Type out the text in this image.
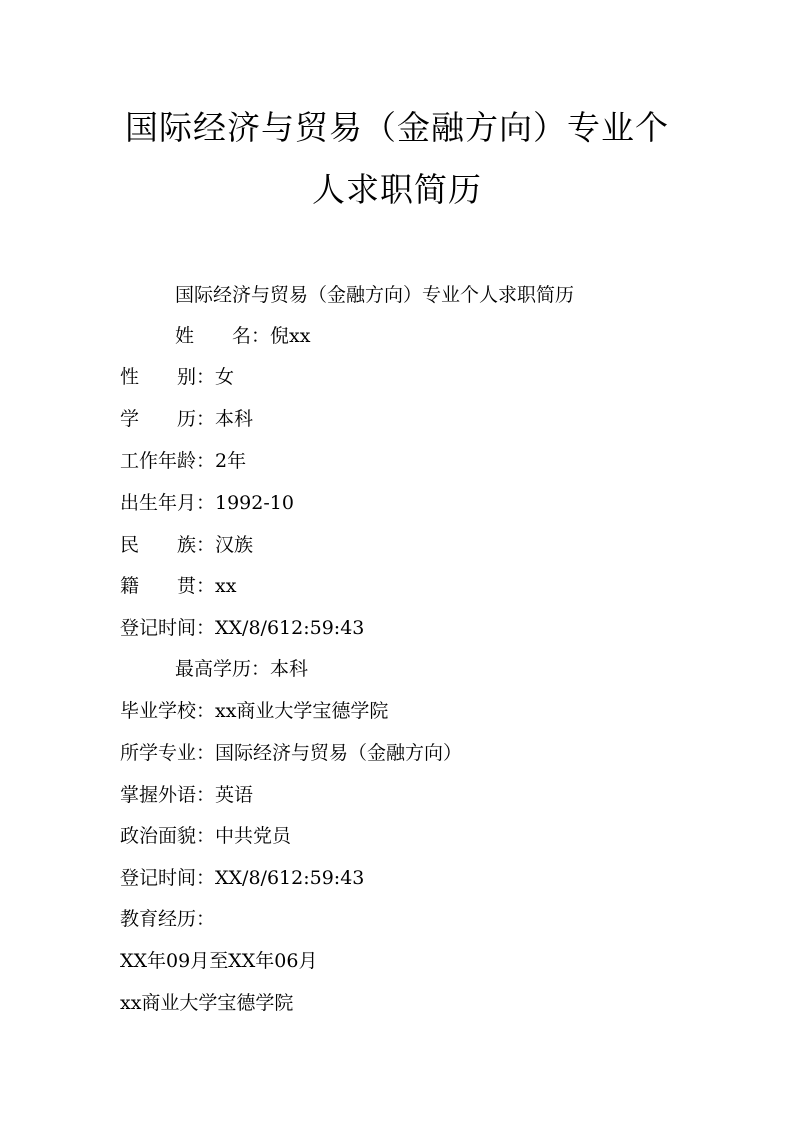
国际经济与贸易（金融方向）专业个
人求职简历
国际经济与贸易（金融方向）专业个人求职简历
姓　　名：倪xx
性　　别：女
学　　历：本科
工作年龄：2年
出生年月：1992-10
民　　族：汉族
籍　　贯：xx
登记时间：XX/8/612:59:43
最高学历：本科
毕业学校：xx商业大学宝德学院
所学专业：国际经济与贸易（金融方向）
掌握外语：英语
政治面貌：中共党员
登记时间：XX/8/612:59:43
教育经历：
XX年09月至XX年06月
xx商业大学宝德学院
